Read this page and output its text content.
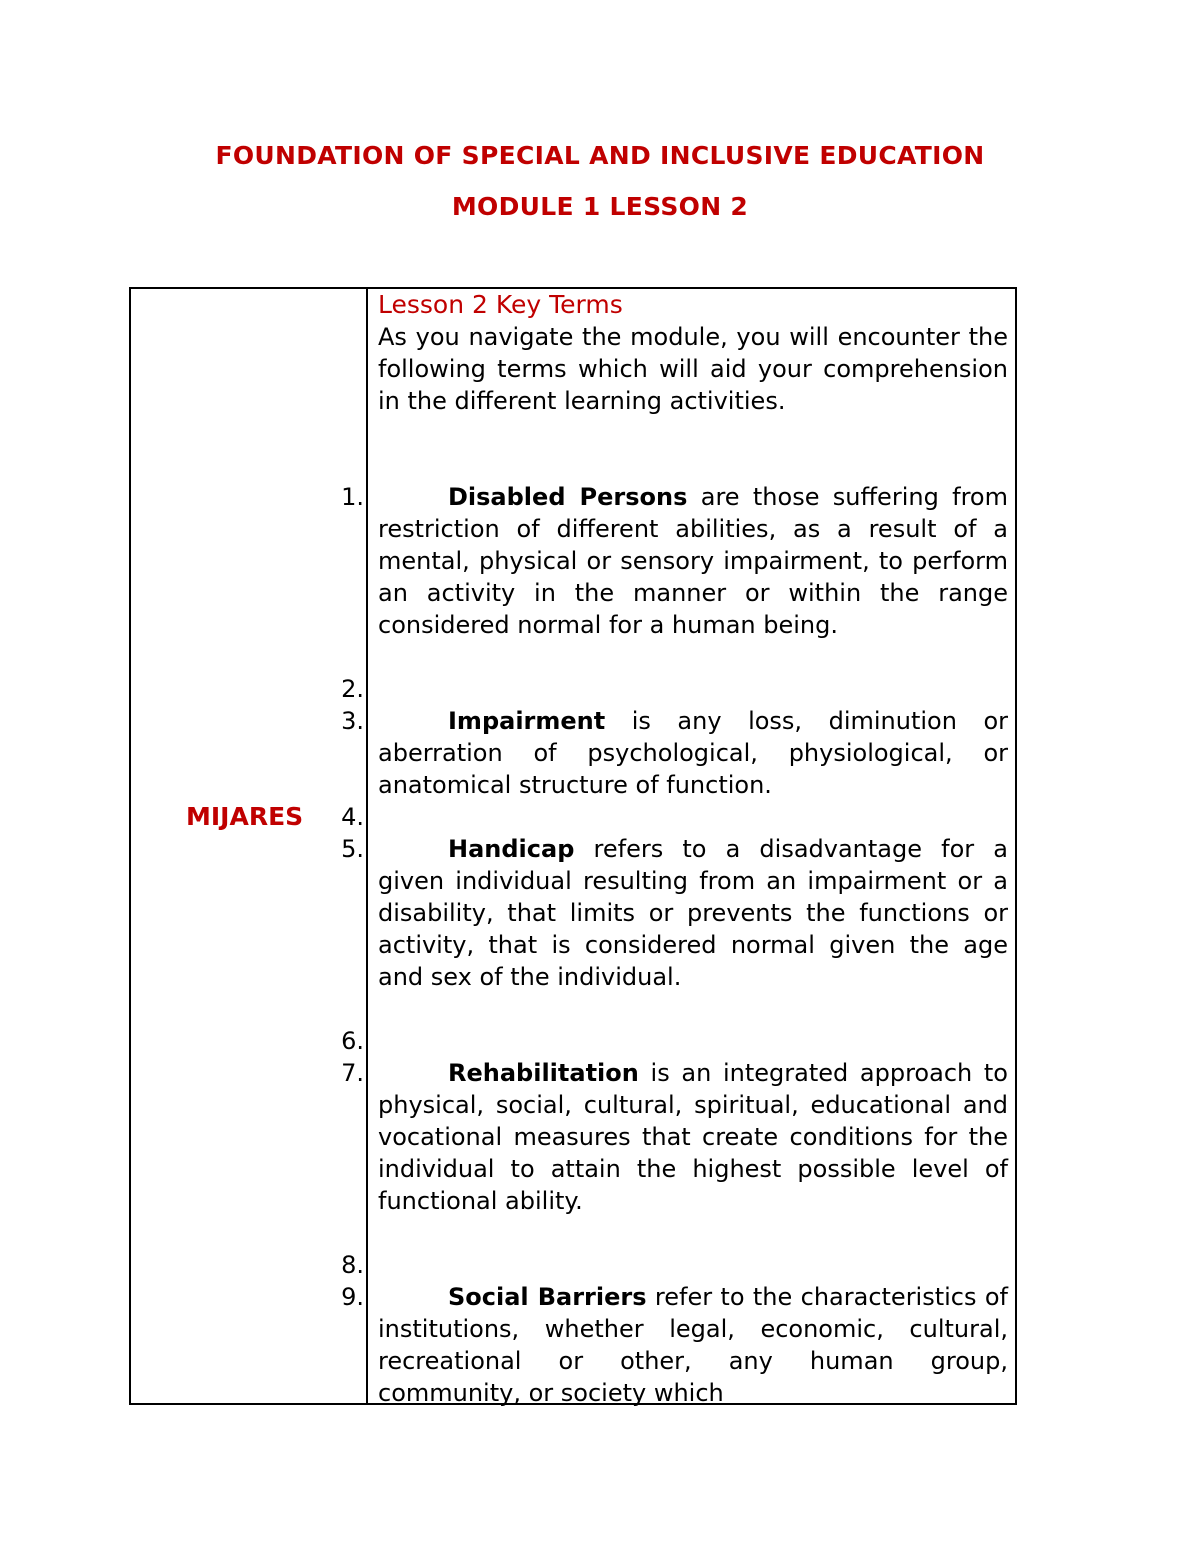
FOUNDATION OF SPECIAL AND INCLUSIVE EDUCATION
MODULE 1 LESSON 2
MIJARES
1.
2.
3.
4.
5.
6.
7.
8.
9.

Lesson 2 Key Terms

As you navigate the module, you will encounter the following terms which will aid your comprehension in the different learning activities.

Disabled Persons are those suffering from restriction of different abilities, as a result of a mental, physical or sensory impairment, to perform an activity in the manner or within the range considered normal for a human being.
Impairment is any loss, diminution or aberration of psychological, physiological, or anatomical structure of function.
Handicap refers to a disadvantage for a given individual resulting from an impairment or a disability, that limits or prevents the functions or activity, that is considered normal given the age and sex of the individual.
Rehabilitation is an integrated approach to physical, social, cultural, spiritual, educational and vocational measures that create conditions for the individual to attain the highest possible level of functional ability.
Social Barriers refer to the characteristics of institutions, whether legal, economic, cultural, recreational or other, any human group, community, or society which
